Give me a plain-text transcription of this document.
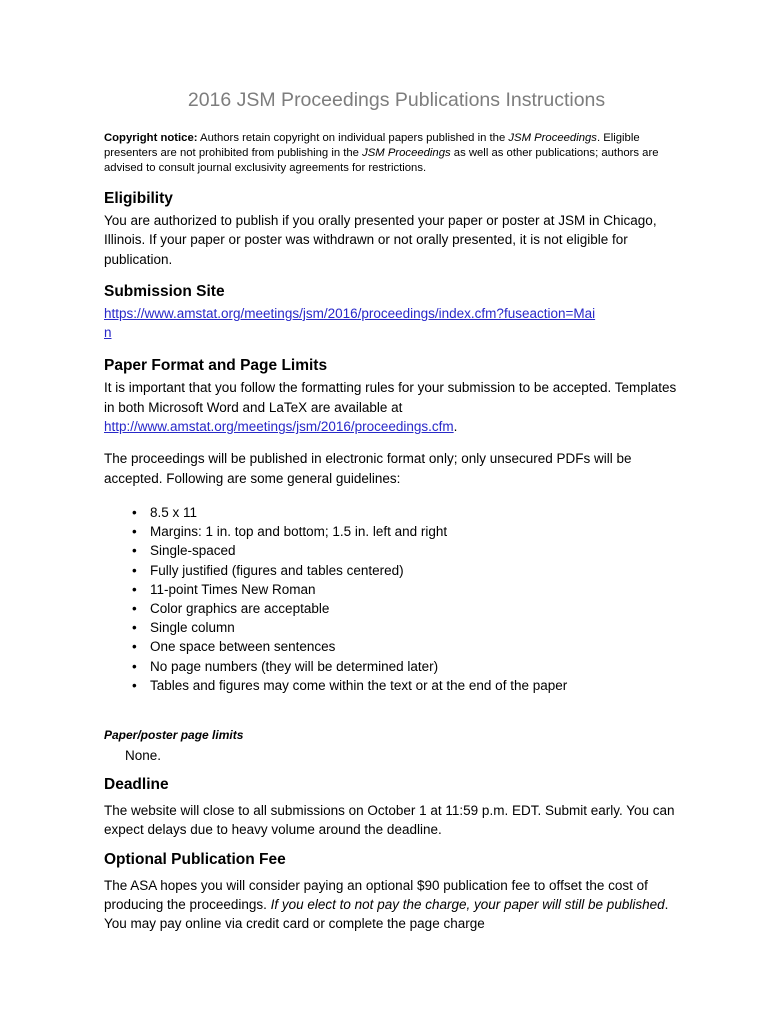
2016 JSM Proceedings Publications Instructions
Copyright notice: Authors retain copyright on individual papers published in the JSM Proceedings. Eligible presenters are not prohibited from publishing in the JSM Proceedings as well as other publications; authors are advised to consult journal exclusivity agreements for restrictions.
Eligibility
You are authorized to publish if you orally presented your paper or poster at JSM in Chicago, Illinois. If your paper or poster was withdrawn or not orally presented, it is not eligible for publication.
Submission Site
https://www.amstat.org/meetings/jsm/2016/proceedings/index.cfm?fuseaction=Mai
n
Paper Format and Page Limits
It is important that you follow the formatting rules for your submission to be accepted. Templates in both Microsoft Word and LaTeX are available at http://www.amstat.org/meetings/jsm/2016/proceedings.cfm.
The proceedings will be published in electronic format only; only unsecured PDFs will be accepted. Following are some general guidelines:
• 8.5 x 11
• Margins: 1 in. top and bottom; 1.5 in. left and right
• Single-spaced
• Fully justified (figures and tables centered)
• 11-point Times New Roman
• Color graphics are acceptable
• Single column
• One space between sentences
• No page numbers (they will be determined later)
• Tables and figures may come within the text or at the end of the paper
Paper/poster page limits
None.
Deadline
The website will close to all submissions on October 1 at 11:59 p.m. EDT. Submit early. You can expect delays due to heavy volume around the deadline.
Optional Publication Fee
The ASA hopes you will consider paying an optional $90 publication fee to offset the cost of producing the proceedings. If you elect to not pay the charge, your paper will still be published. You may pay online via credit card or complete the page charge
